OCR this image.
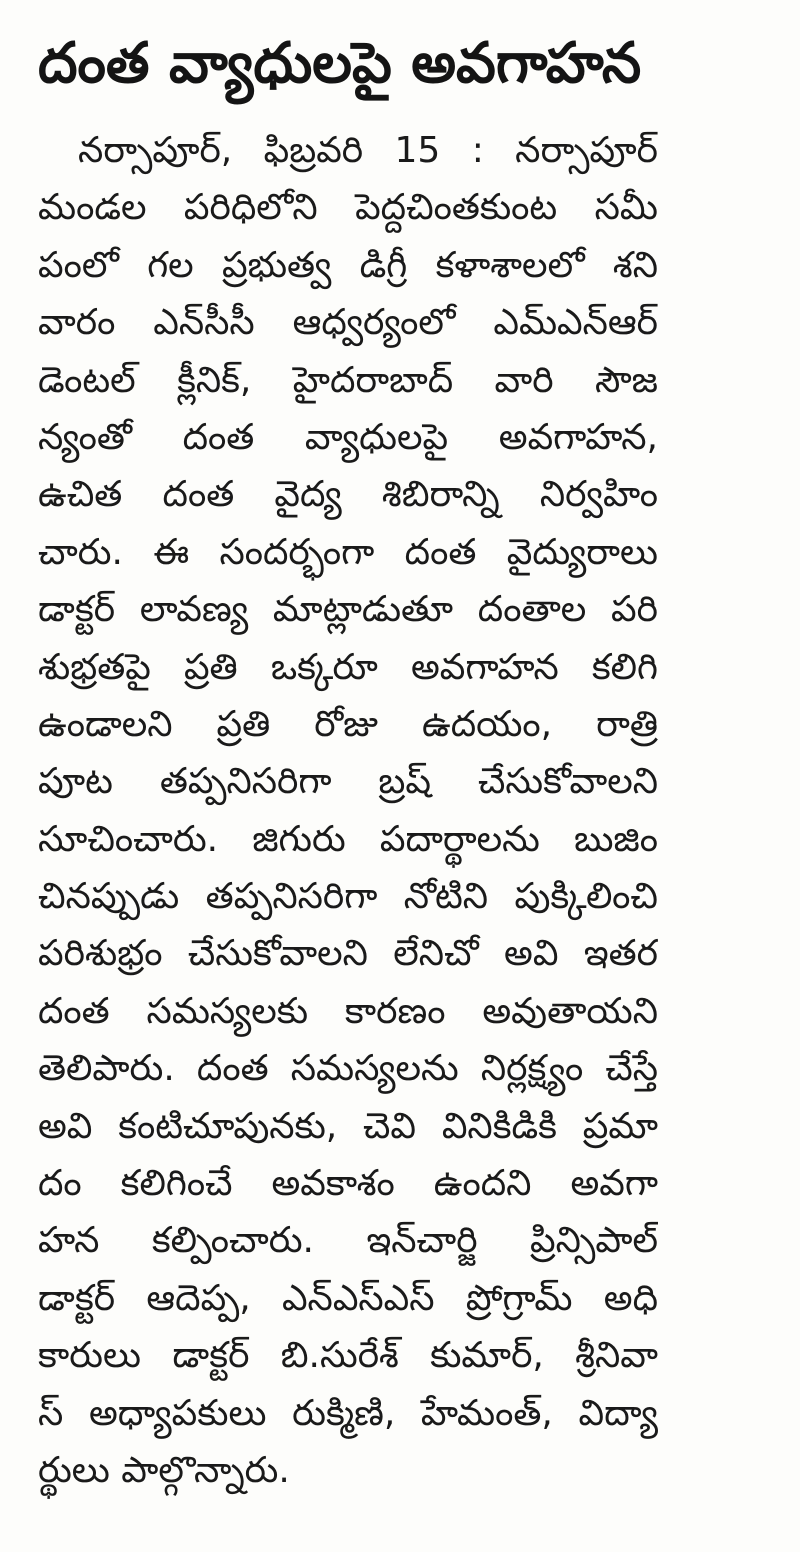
దంత వ్యాధులపై అవగాహన
నర్సాపూర్, ఫిబ్రవరి 15 : నర్సాపూర్
మండల పరిధిలోని పెద్దచింతకుంట సమీ
పంలో గల ప్రభుత్వ డిగ్రీ కళాశాలలో శని
వారం ఎన్‌సీసీ ఆధ్వర్యంలో ఎమ్‌ఎన్‌ఆర్
డెంటల్ క్లీనిక్, హైదరాబాద్ వారి సౌజ
న్యంతో దంత వ్యాధులపై అవగాహన,
ఉచిత దంత వైద్య శిబిరాన్ని నిర్వహిం
చారు. ఈ సందర్భంగా దంత వైద్యురాలు
డాక్టర్ లావణ్య మాట్లాడుతూ దంతాల పరి
శుభ్రతపై ప్రతి ఒక్కరూ అవగాహన కలిగి
ఉండాలని ప్రతి రోజు ఉదయం, రాత్రి
పూట తప్పనిసరిగా బ్రష్ చేసుకోవాలని
సూచించారు. జిగురు పదార్థాలను బుజిం
చినప్పుడు తప్పనిసరిగా నోటిని పుక్కిలించి
పరిశుభ్రం చేసుకోవాలని లేనిచో అవి ఇతర
దంత సమస్యలకు కారణం అవుతాయని
తెలిపారు. దంత సమస్యలను నిర్లక్ష్యం చేస్తే
అవి కంటిచూపునకు, చెవి వినికిడికి ప్రమా
దం కలిగించే అవకాశం ఉందని అవగా
హన కల్పించారు. ఇన్‌చార్జి ప్రిన్సిపాల్
డాక్టర్ ఆదెప్ప, ఎన్‌ఎస్‌ఎస్ ప్రోగ్రామ్ అధి
కారులు డాక్టర్ బి.సురేశ్ కుమార్, శ్రీనివా
స్ అధ్యాపకులు రుక్మిణి, హేమంత్, విద్యా
ర్థులు పాల్గొన్నారు.
